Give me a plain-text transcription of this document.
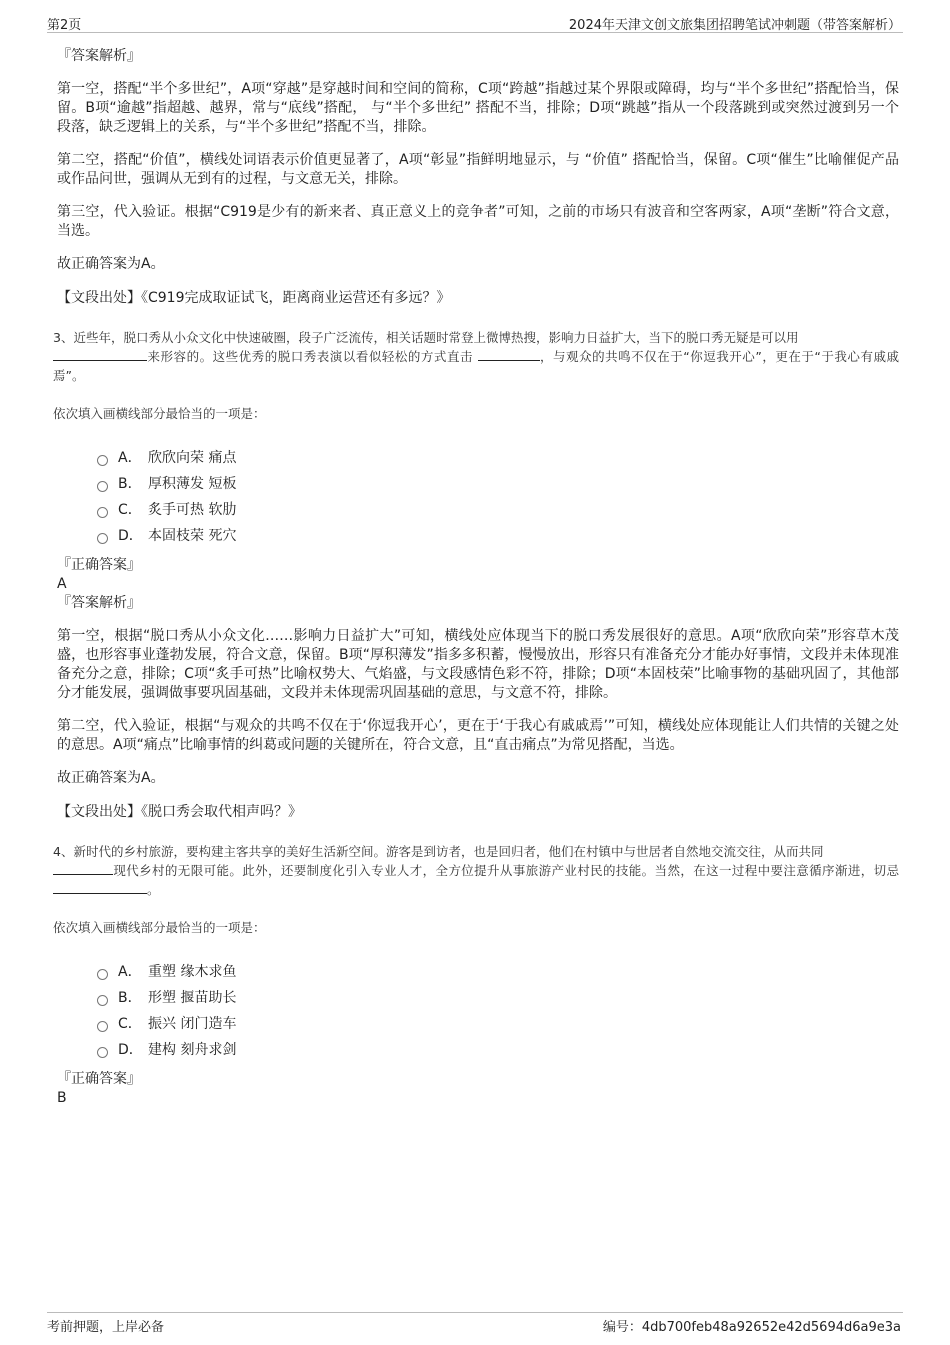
第2页	2024年天津文创文旅集团招聘笔试冲刺题（带答案解析）

『答案解析』

第一空，搭配“半个多世纪”，A项“穿越”是穿越时间和空间的简称，C项“跨越”指越过某个界限或障碍，均与“半个多世纪”搭配恰当，保留。B项“逾越”指超越、越界，常与“底线”搭配， 与“半个多世纪” 搭配不当，排除；D项“跳越”指从一个段落跳到或突然过渡到另一个段落，缺乏逻辑上的关系，与“半个多世纪”搭配不当，排除。

第二空，搭配“价值”，横线处词语表示价值更显著了，A项“彰显”指鲜明地显示，与 “价值” 搭配恰当，保留。C项“催生”比喻催促产品或作品问世，强调从无到有的过程，与文意无关，排除。

第三空，代入验证。根据“C919是少有的新来者、真正意义上的竞争者”可知，之前的市场只有波音和空客两家，A项“垄断”符合文意，当选。

故正确答案为A。

【文段出处】《C919完成取证试飞，距离商业运营还有多远？》

3、近些年，脱口秀从小众文化中快速破圈，段子广泛流传，相关话题时常登上微博热搜，影响力日益扩大，当下的脱口秀无疑是可以用
来形容的。这些优秀的脱口秀表演以看似轻松的方式直击	，与观众的共鸣不仅在于“你逗我开心”，更在于“于我心有戚戚焉”。

依次填入画横线部分最恰当的一项是：

A． 欣欣向荣 痛点
B． 厚积薄发 短板
C． 炙手可热 软肋
D． 本固枝荣 死穴

『正确答案』

A

『答案解析』

第一空，根据“脱口秀从小众文化……影响力日益扩大”可知，横线处应体现当下的脱口秀发展很好的意思。A项“欣欣向荣”形容草木茂盛，也形容事业蓬勃发展，符合文意，保留。B项“厚积薄发”指多多积蓄，慢慢放出，形容只有准备充分才能办好事情，文段并未体现准备充分之意，排除；C项“炙手可热”比喻权势大、气焰盛，与文段感情色彩不符，排除；D项“本固枝荣”比喻事物的基础巩固了，其他部分才能发展，强调做事要巩固基础，文段并未体现需巩固基础的意思，与文意不符，排除。

第二空，代入验证，根据“与观众的共鸣不仅在于‘你逗我开心’，更在于‘于我心有戚戚焉’”可知，横线处应体现能让人们共情的关键之处的意思。A项“痛点”比喻事情的纠葛或问题的关键所在，符合文意，且“直击痛点”为常见搭配，当选。

故正确答案为A。

【文段出处】《脱口秀会取代相声吗？》

4、新时代的乡村旅游，要构建主客共享的美好生活新空间。游客是到访者，也是回归者，他们在村镇中与世居者自然地交流交往，从而共同
现代乡村的无限可能。此外，还要制度化引入专业人才，全方位提升从事旅游产业村民的技能。当然，在这一过程中要注意循序渐进，切忌 。

依次填入画横线部分最恰当的一项是：

A． 重塑 缘木求鱼
B． 形塑 揠苗助长
C． 振兴 闭门造车
D． 建构 刻舟求剑

『正确答案』

B

考前押题，上岸必备	编号：4db700feb48a92652e42d5694d6a9e3a
